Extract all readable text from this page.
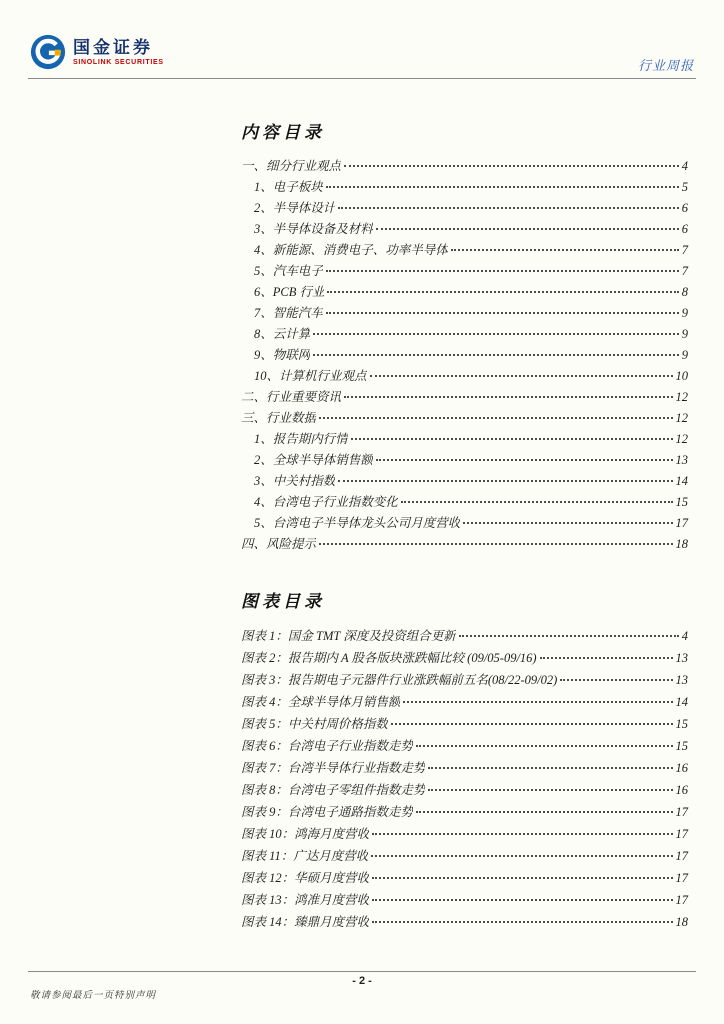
国金证券
SINOLINK SECURITIES	行业周报
内容目录
一、细分行业观点	4
1、电子板块	5
2、半导体设计	6
3、半导体设备及材料	6
4、新能源、消费电子、功率半导体	7
5、汽车电子	7
6、PCB 行业	8
7、智能汽车	9
8、云计算	9
9、物联网	9
10、计算机行业观点	10
二、行业重要资讯	12
三、行业数据	12
1、报告期内行情	12
2、全球半导体销售额	13
3、中关村指数	14
4、台湾电子行业指数变化	15
5、台湾电子半导体龙头公司月度营收	17
四、风险提示	18
图表目录
图表 1：国金 TMT 深度及投资组合更新	4
图表 2：报告期内 A 股各版块涨跌幅比较 (09/05-09/16)	13
图表 3：报告期电子元器件行业涨跌幅前五名(08/22-09/02)	13
图表 4：全球半导体月销售额	14
图表 5：中关村周价格指数	15
图表 6：台湾电子行业指数走势	15
图表 7：台湾半导体行业指数走势	16
图表 8：台湾电子零组件指数走势	16
图表 9：台湾电子通路指数走势	17
图表 10：鸿海月度营收	17
图表 11：广达月度营收	17
图表 12：华硕月度营收	17
图表 13：鸿准月度营收	17
图表 14：臻鼎月度营收	18
- 2 -
敬请参阅最后一页特别声明
